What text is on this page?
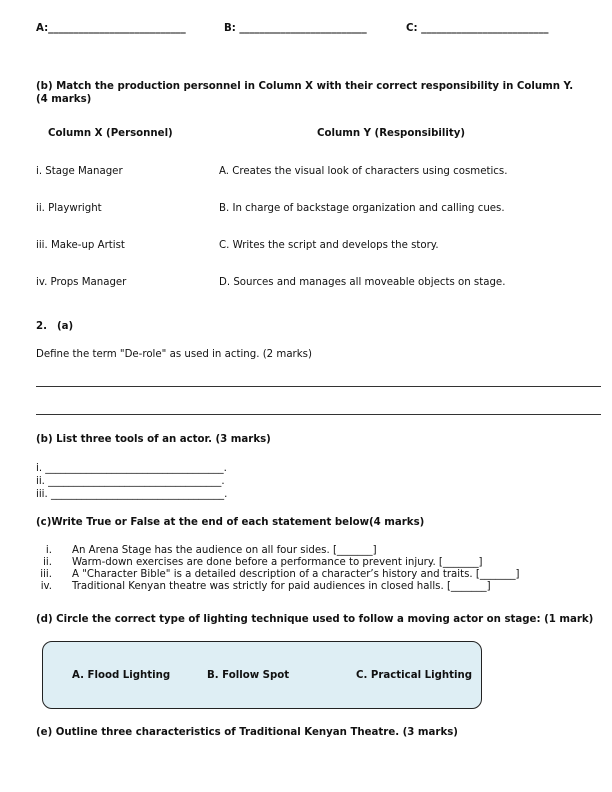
A:___________________________	B: _________________________	C: _________________________
(b) Match the production personnel in Column X with their correct responsibility in Column Y. (4 marks)
Column X (Personnel)	Column Y (Responsibility)
i. Stage Manager	A. Creates the visual look of characters using cosmetics.
ii. Playwright	B. In charge of backstage organization and calling cues.
iii. Make-up Artist	C. Writes the script and develops the story.
iv. Props Manager	D. Sources and manages all moveable objects on stage.
2. (a)
Define the term "De-role" as used in acting. (2 marks)
(b) List three tools of an actor. (3 marks)
i. ___________________________________.
ii. __________________________________.
iii. __________________________________.
(c)Write True or False at the end of each statement below(4 marks)
i. An Arena Stage has the audience on all four sides. [_______]
ii. Warm-down exercises are done before a performance to prevent injury. [_______]
iii. A "Character Bible" is a detailed description of a character’s history and traits. [_______]
iv. Traditional Kenyan theatre was strictly for paid audiences in closed halls. [_______]
(d) Circle the correct type of lighting technique used to follow a moving actor on stage: (1 mark)
A. Flood Lighting	B. Follow Spot	C. Practical Lighting
(e) Outline three characteristics of Traditional Kenyan Theatre. (3 marks)
